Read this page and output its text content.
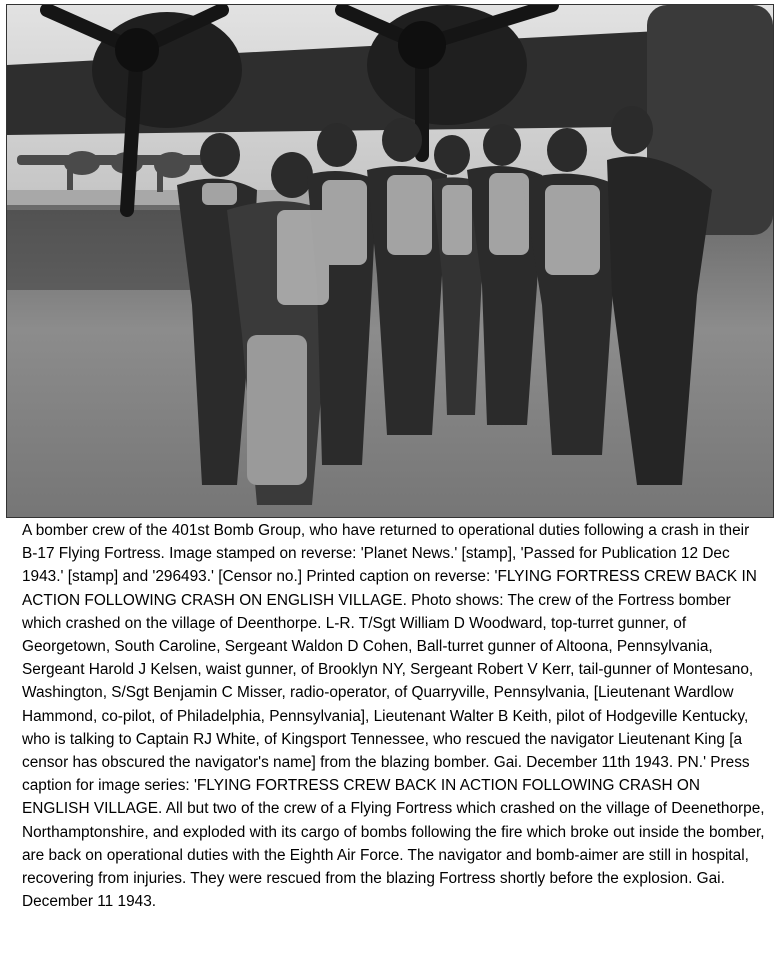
A bomber crew of the 401st Bomb Group, who have returned to operational duties following a crash in their B-17 Flying Fortress. Image stamped on reverse: 'Planet News.' [stamp], 'Passed for Publication 12 Dec 1943.' [stamp] and '296493.' [Censor no.] Printed caption on reverse: 'FLYING FORTRESS CREW BACK IN ACTION FOLLOWING CRASH ON ENGLISH VILLAGE. Photo shows: The crew of the Fortress bomber which crashed on the village of Deenthorpe. L-R. T/Sgt William D Woodward, top-turret gunner, of Georgetown, South Caroline, Sergeant Waldon D Cohen, Ball-turret gunner of Altoona, Pennsylvania, Sergeant Harold J Kelsen, waist gunner, of Brooklyn NY, Sergeant Robert V Kerr, tail-gunner of Montesano, Washington, S/Sgt Benjamin C Misser, radio-operator, of Quarryville, Pennsylvania, [Lieutenant Wardlow Hammond, co-pilot, of Philadelphia, Pennsylvania], Lieutenant Walter B Keith, pilot of Hodgeville Kentucky, who is talking to Captain RJ White, of Kingsport Tennessee, who rescued the navigator Lieutenant King [a censor has obscured the navigator's name] from the blazing bomber. Gai. December 11th 1943. PN.' Press caption for image series: 'FLYING FORTRESS CREW BACK IN ACTION FOLLOWING CRASH ON ENGLISH VILLAGE. All but two of the crew of a Flying Fortress which crashed on the village of Deenethorpe, Northamptonshire, and exploded with its cargo of bombs following the fire which broke out inside the bomber, are back on operational duties with the Eighth Air Force. The navigator and bomb-aimer are still in hospital, recovering from injuries. They were rescued from the blazing Fortress shortly before the explosion. Gai. December 11 1943.
